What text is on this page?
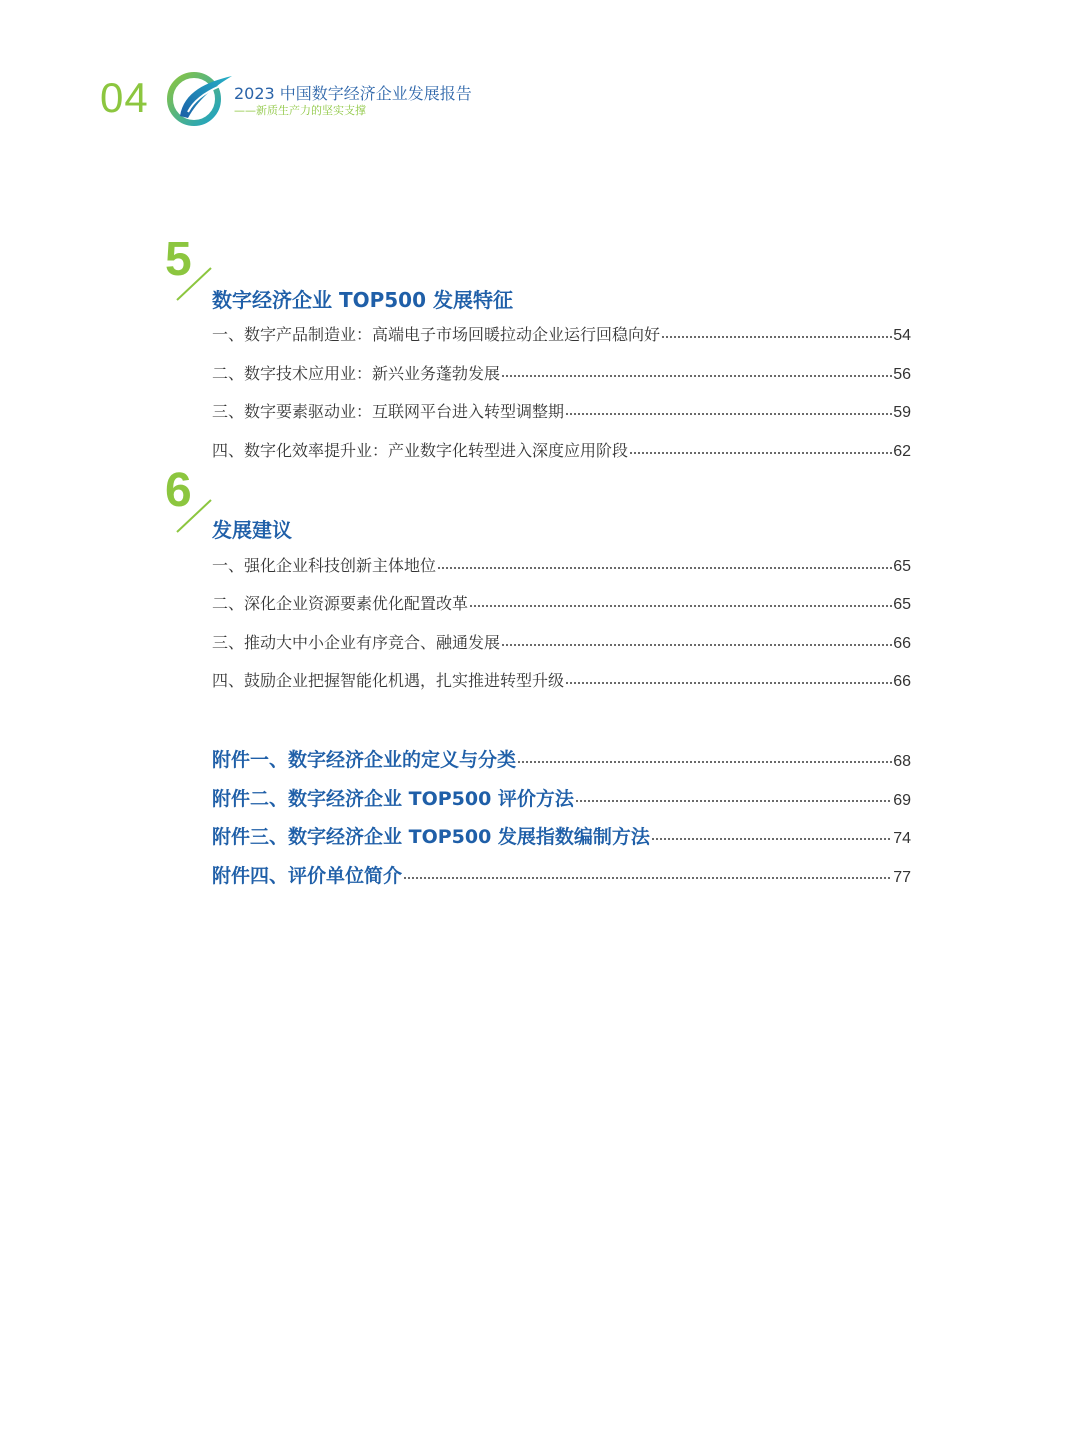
04	2023 中国数字经济企业发展报告
——新质生产力的坚实支撑
5
数字经济企业 TOP500 发展特征
一、数字产品制造业：高端电子市场回暖拉动企业运行回稳向好	54
二、数字技术应用业：新兴业务蓬勃发展	56
三、数字要素驱动业：互联网平台进入转型调整期	59
四、数字化效率提升业：产业数字化转型进入深度应用阶段	62
6
发展建议
一、强化企业科技创新主体地位	65
二、深化企业资源要素优化配置改革	65
三、推动大中小企业有序竞合、融通发展	66
四、鼓励企业把握智能化机遇，扎实推进转型升级	66
附件一、数字经济企业的定义与分类	68
附件二、数字经济企业 TOP500 评价方法	69
附件三、数字经济企业 TOP500 发展指数编制方法	74
附件四、评价单位简介	77
